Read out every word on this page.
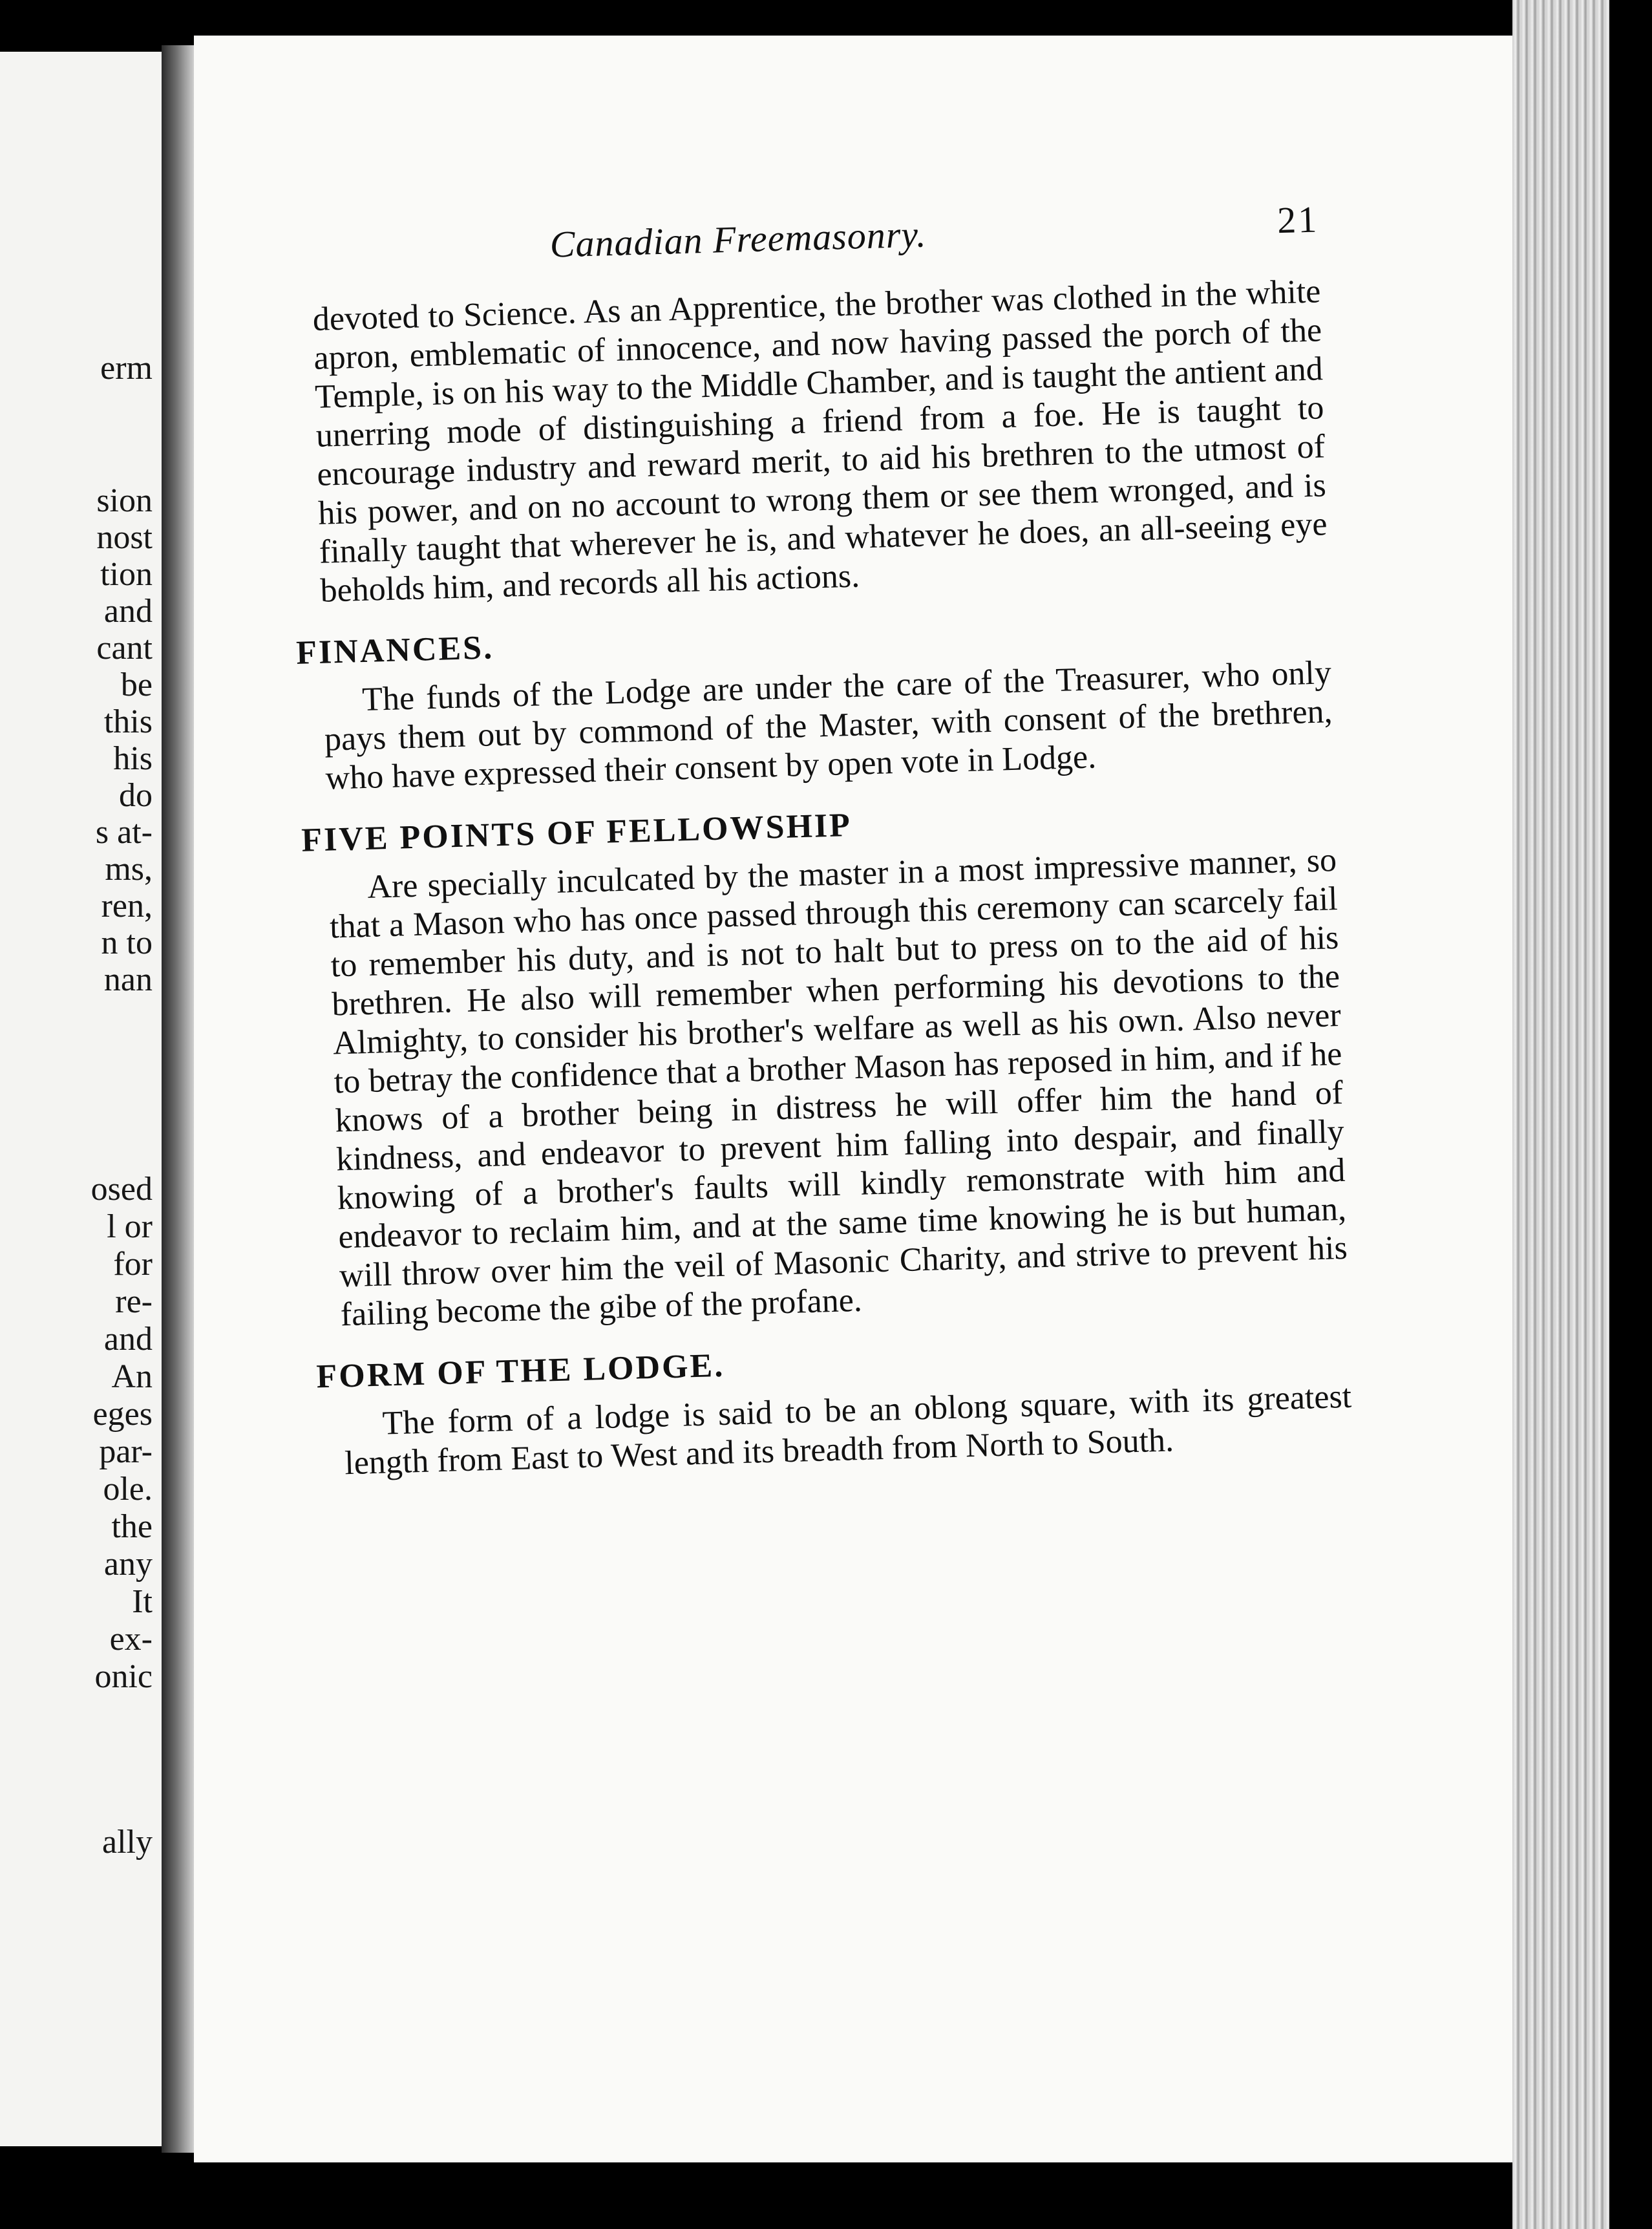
erm
sion
nost
tion
and
cant
be
this
his
do
s at-
ms,
ren,
n to
nan
osed
l or
for
re-
and
An
eges
par-
ole.
the
any
It
ex-
onic
ally
Canadian Freemasonry.	21

devoted to Science. As an Apprentice, the brother was clothed in the white apron, emblematic of innocence, and now having passed the porch of the Temple, is on his way to the Middle Chamber, and is taught the antient and unerring mode of distinguishing a friend from a foe. He is taught to encourage industry and reward merit, to aid his brethren to the utmost of his power, and on no account to wrong them or see them wronged, and is finally taught that wherever he is, and whatever he does, an all-seeing eye beholds him, and records all his actions.

FINANCES.

The funds of the Lodge are under the care of the Treasurer, who only pays them out by commond of the Master, with consent of the brethren, who have expressed their consent by open vote in Lodge.

FIVE POINTS OF FELLOWSHIP

Are specially inculcated by the master in a most impressive manner, so that a Mason who has once passed through this ceremony can scarcely fail to remember his duty, and is not to halt but to press on to the aid of his brethren. He also will remember when performing his devotions to the Almighty, to consider his brother's welfare as well as his own. Also never to betray the confidence that a brother Mason has reposed in him, and if he knows of a brother being in distress he will offer him the hand of kindness, and endeavor to prevent him falling into despair, and finally knowing of a brother's faults will kindly remonstrate with him and endeavor to reclaim him, and at the same time knowing he is but human, will throw over him the veil of Masonic Charity, and strive to prevent his failing become the gibe of the profane.

FORM OF THE LODGE.

The form of a lodge is said to be an oblong square, with its greatest length from East to West and its breadth from North to South.
